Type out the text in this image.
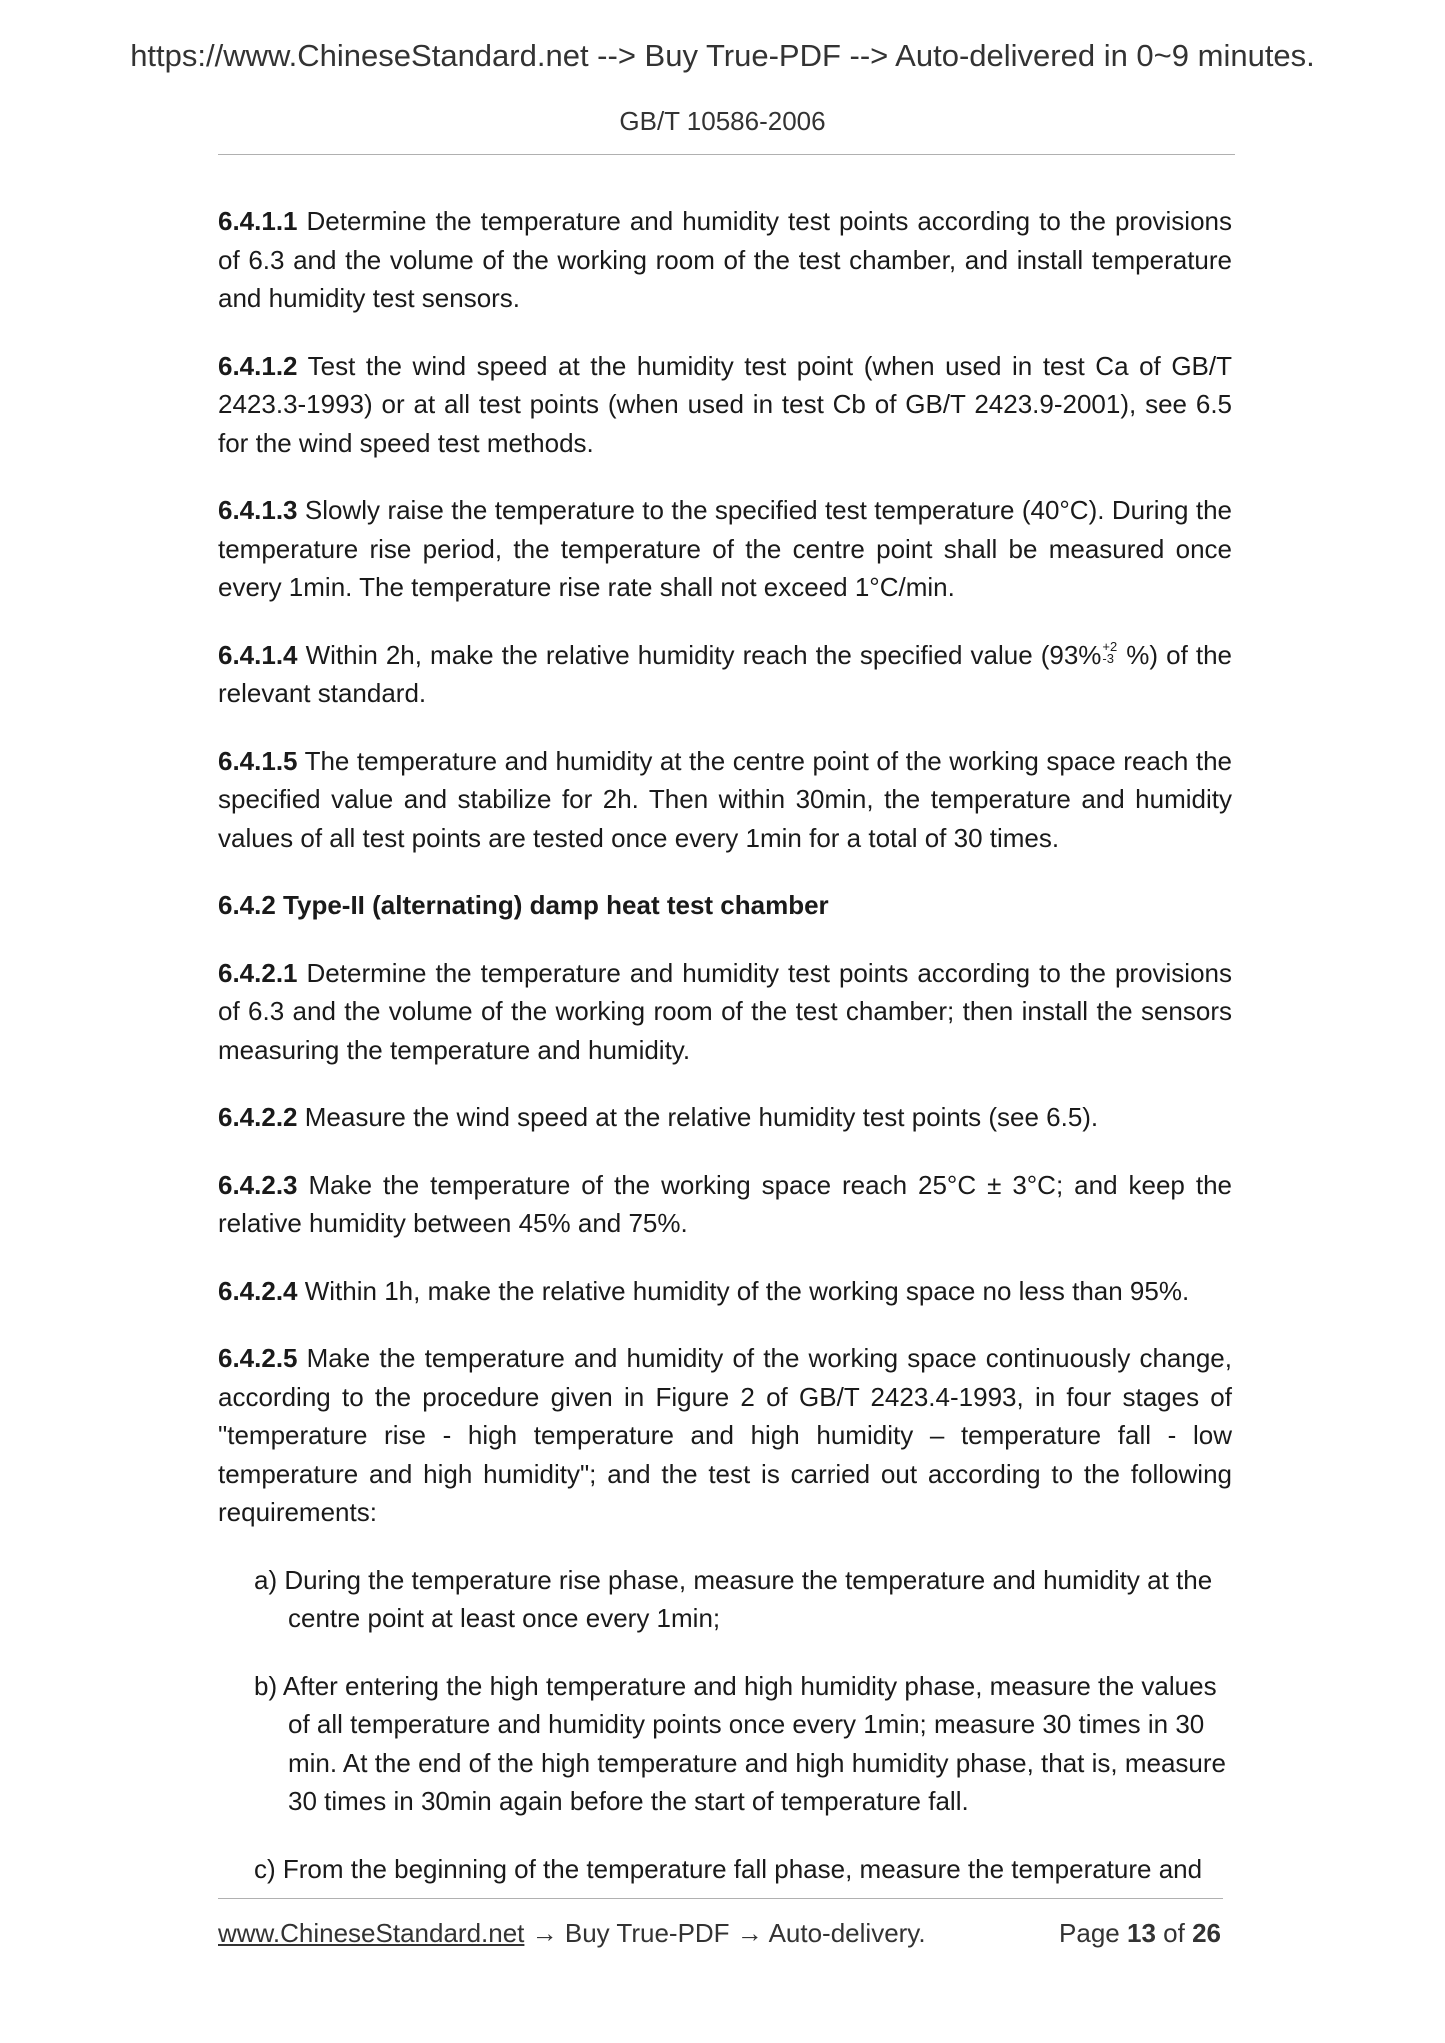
https://www.ChineseStandard.net --> Buy True-PDF --> Auto-delivered in 0~9 minutes.
GB/T 10586-2006

6.4.1.1 Determine the temperature and humidity test points according to the provisions of 6.3 and the volume of the working room of the test chamber, and install temperature and humidity test sensors.

6.4.1.2 Test the wind speed at the humidity test point (when used in test Ca of GB/T 2423.3-1993) or at all test points (when used in test Cb of GB/T 2423.9-2001), see 6.5 for the wind speed test methods.

6.4.1.3 Slowly raise the temperature to the specified test temperature (40°C). During the temperature rise period, the temperature of the centre point shall be measured once every 1min. The temperature rise rate shall not exceed 1°C/min.

6.4.1.4 Within 2h, make the relative humidity reach the specified value (93% +2
-3 %) of the relevant standard.

6.4.1.5 The temperature and humidity at the centre point of the working space reach the specified value and stabilize for 2h. Then within 30min, the temperature and humidity values of all test points are tested once every 1min for a total of 30 times.

6.4.2 Type-II (alternating) damp heat test chamber

6.4.2.1 Determine the temperature and humidity test points according to the provisions of 6.3 and the volume of the working room of the test chamber; then install the sensors measuring the temperature and humidity.

6.4.2.2 Measure the wind speed at the relative humidity test points (see 6.5).

6.4.2.3 Make the temperature of the working space reach 25°C ± 3°C; and keep the relative humidity between 45% and 75%.

6.4.2.4 Within 1h, make the relative humidity of the working space no less than 95%.

6.4.2.5 Make the temperature and humidity of the working space continuously change, according to the procedure given in Figure 2 of GB/T 2423.4-1993, in four stages of "temperature rise - high temperature and high humidity – temperature fall - low temperature and high humidity"; and the test is carried out according to the following requirements:

a) During the temperature rise phase, measure the temperature and humidity at the centre point at least once every 1min;
b) After entering the high temperature and high humidity phase, measure the values of all temperature and humidity points once every 1min; measure 30 times in 30 min. At the end of the high temperature and high humidity phase, that is, measure 30 times in 30min again before the start of temperature fall.
c) From the beginning of the temperature fall phase, measure the temperature and
www.ChineseStandard.net → Buy True-PDF → Auto-delivery.	Page 13 of 26
